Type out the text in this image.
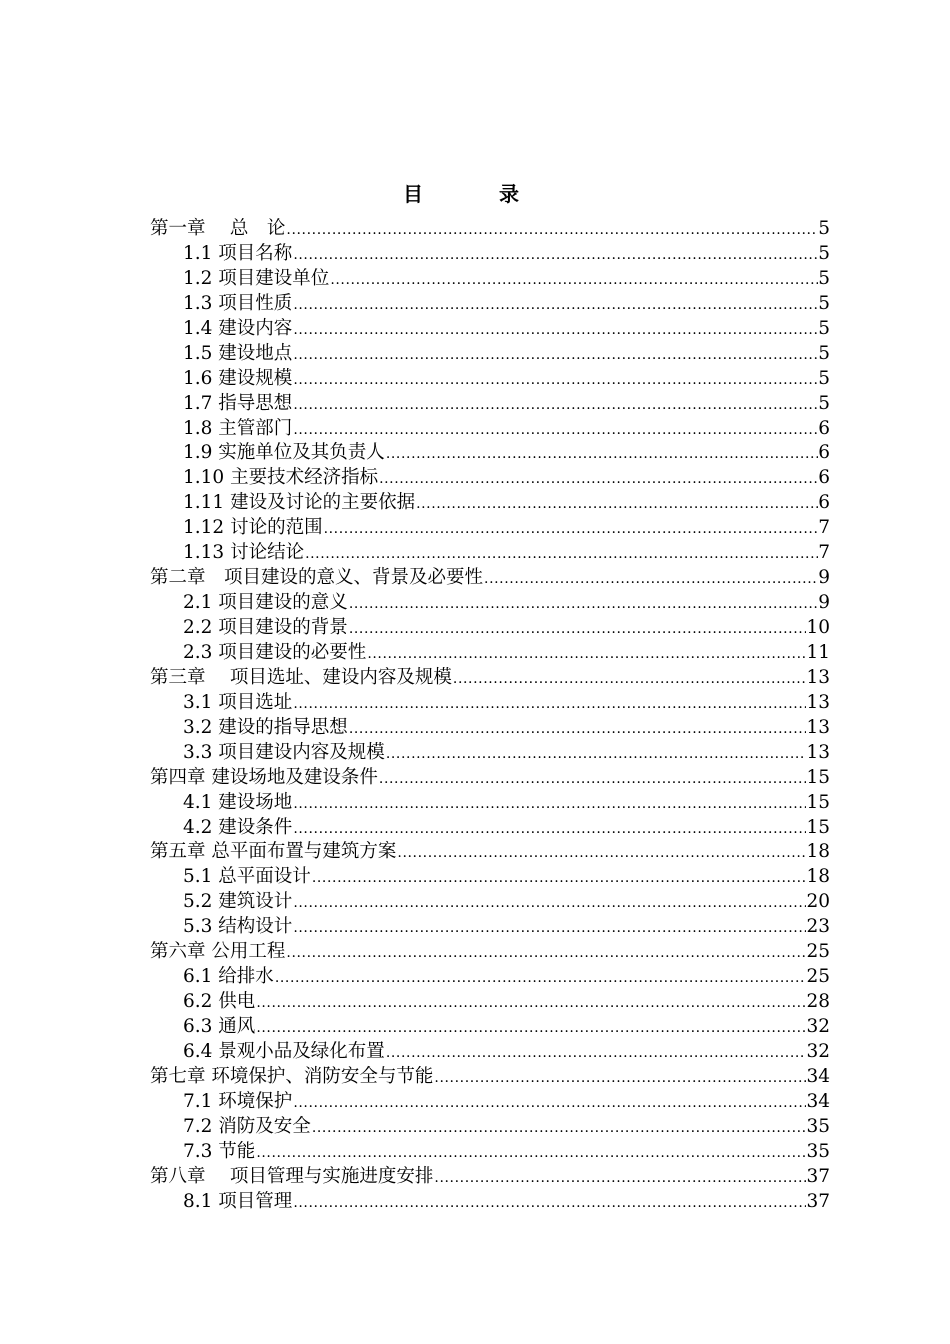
目　录
第一章　 总　论 .....	5
1.1 项目名称 .....	5
1.2 项目建设单位 .....	5
1.3 项目性质 .....	5
1.4 建设内容 .....	5
1.5 建设地点 .....	5
1.6 建设规模 .....	5
1.7 指导思想 .....	5
1.8 主管部门 .....	6
1.9 实施单位及其负责人 .....	6
1.10 主要技术经济指标 .....	6
1.11 建设及讨论的主要依据 .....	6
1.12 讨论的范围 .....	7
1.13 讨论结论 .....	7
第二章　项目建设的意义、背景及必要性 .....	9
2.1 项目建设的意义 .....	9
2.2 项目建设的背景 .....	10
2.3 项目建设的必要性 .....	11
第三章　 项目选址、建设内容及规模 .....	13
3.1 项目选址 .....	13
3.2 建设的指导思想 .....	13
3.3 项目建设内容及规模 .....	13
第四章 建设场地及建设条件 .....	15
4.1 建设场地 .....	15
4.2 建设条件 .....	15
第五章 总平面布置与建筑方案 .....	18
5.1 总平面设计 .....	18
5.2 建筑设计 .....	20
5.3 结构设计 .....	23
第六章 公用工程 .....	25
6.1 给排水 .....	25
6.2 供电 .....	28
6.3 通风 .....	32
6.4 景观小品及绿化布置 .....	32
第七章 环境保护、消防安全与节能 .....	34
7.1 环境保护 .....	34
7.2 消防及安全 .....	35
7.3 节能 .....	35
第八章　 项目管理与实施进度安排 .....	37
8.1 项目管理 .....	37
